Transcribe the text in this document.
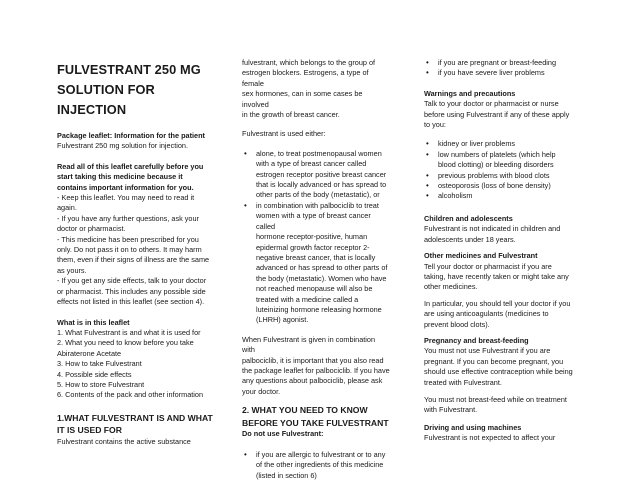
FULVESTRANT 250 MG
SOLUTION FOR
INJECTION

Package leaflet: Information for the patient

Fulvestrant 250 mg solution for injection.

Read all of this leaflet carefully before you

start taking this medicine because it

contains important information for you.

- Keep this leaflet. You may need to read it

again.

- If you have any further questions, ask your

doctor or pharmacist.

- This medicine has been prescribed for you

only. Do not pass it on to others. It may harm

them, even if their signs of illness are the same

as yours.

- If you get any side effects, talk to your doctor

or pharmacist. This includes any possible side

effects not listed in this leaflet (see section 4).

What is in this leaflet

1. What Fulvestrant is and what it is used for

2. What you need to know before you take

Abiraterone Acetate

3. How to take Fulvestrant

4. Possible side effects

5. How to store Fulvestrant

6. Contents of the pack and other information

1.WHAT FULVESTRANT IS AND WHAT

IT IS USED FOR

Fulvestrant contains the active substance

fulvestrant, which belongs to the group of

estrogen blockers. Estrogens, a type of female

sex hormones, can in some cases be involved

in the growth of breast cancer.

Fulvestrant is used either:

• alone, to treat postmenopausal women

with a type of breast cancer called

estrogen receptor positive breast cancer

that is locally advanced or has spread to

other parts of the body (metastatic), or

• in combination with palbociclib to treat

women with a type of breast cancer called

hormone receptor-positive, human

epidermal growth factor receptor 2-

negative breast cancer, that is locally

advanced or has spread to other parts of

the body (metastatic). Women who have

not reached menopause will also be

treated with a medicine called a

luteinizing hormone releasing hormone

(LHRH) agonist.

When Fulvestrant is given in combination with

palbociclib, it is important that you also read

the package leaflet for palbociclib. If you have

any questions about palbociclib, please ask

your doctor.

2. WHAT YOU NEED TO KNOW

BEFORE YOU TAKE FULVESTRANT

Do not use Fulvestrant:

• if you are allergic to fulvestrant or to any

of the other ingredients of this medicine

(listed in section 6)

• if you are pregnant or breast-feeding
• if you have severe liver problems

Warnings and precautions

Talk to your doctor or pharmacist or nurse

before using Fulvestrant if any of these apply

to you:

• kidney or liver problems

• low numbers of platelets (which help

blood clotting) or bleeding disorders

• previous problems with blood clots
• osteoporosis (loss of bone density)
• alcoholism

Children and adolescents

Fulvestrant is not indicated in children and

adolescents under 18 years.

Other medicines and Fulvestrant

Tell your doctor or pharmacist if you are

taking, have recently taken or might take any

other medicines.

In particular, you should tell your doctor if you

are using anticoagulants (medicines to

prevent blood clots).

Pregnancy and breast-feeding

You must not use Fulvestrant if you are

pregnant. If you can become pregnant, you

should use effective contraception while being

treated with Fulvestrant.

You must not breast-feed while on treatment

with Fulvestrant.

Driving and using machines

Fulvestrant is not expected to affect your
